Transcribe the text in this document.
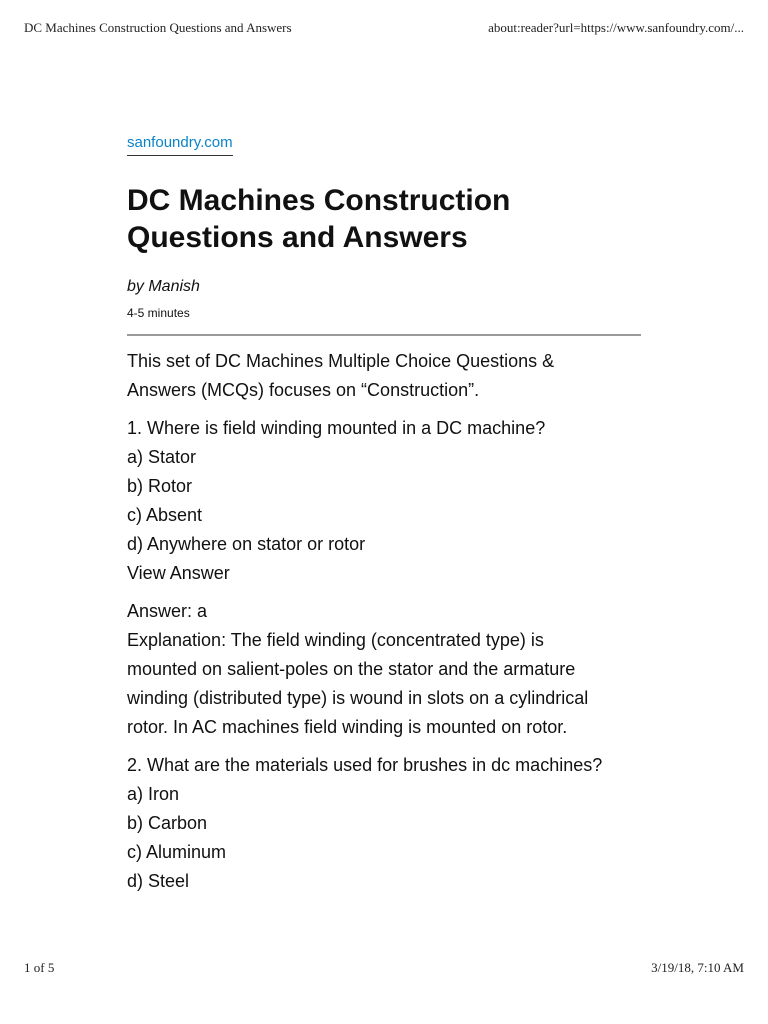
DC Machines Construction Questions and Answers	about:reader?url=https://www.sanfoundry.com/...
sanfoundry.com
DC Machines Construction
Questions and Answers
by Manish
4-5 minutes

This set of DC Machines Multiple Choice Questions &
Answers (MCQs) focuses on “Construction”.

1. Where is field winding mounted in a DC machine?
a) Stator
b) Rotor
c) Absent
d) Anywhere on stator or rotor
View Answer

Answer: a
Explanation: The field winding (concentrated type) is
mounted on salient-poles on the stator and the armature
winding (distributed type) is wound in slots on a cylindrical
rotor. In AC machines field winding is mounted on rotor.

2. What are the materials used for brushes in dc machines?
a) Iron
b) Carbon
c) Aluminum
d) Steel

1 of 5	3/19/18, 7:10 AM
